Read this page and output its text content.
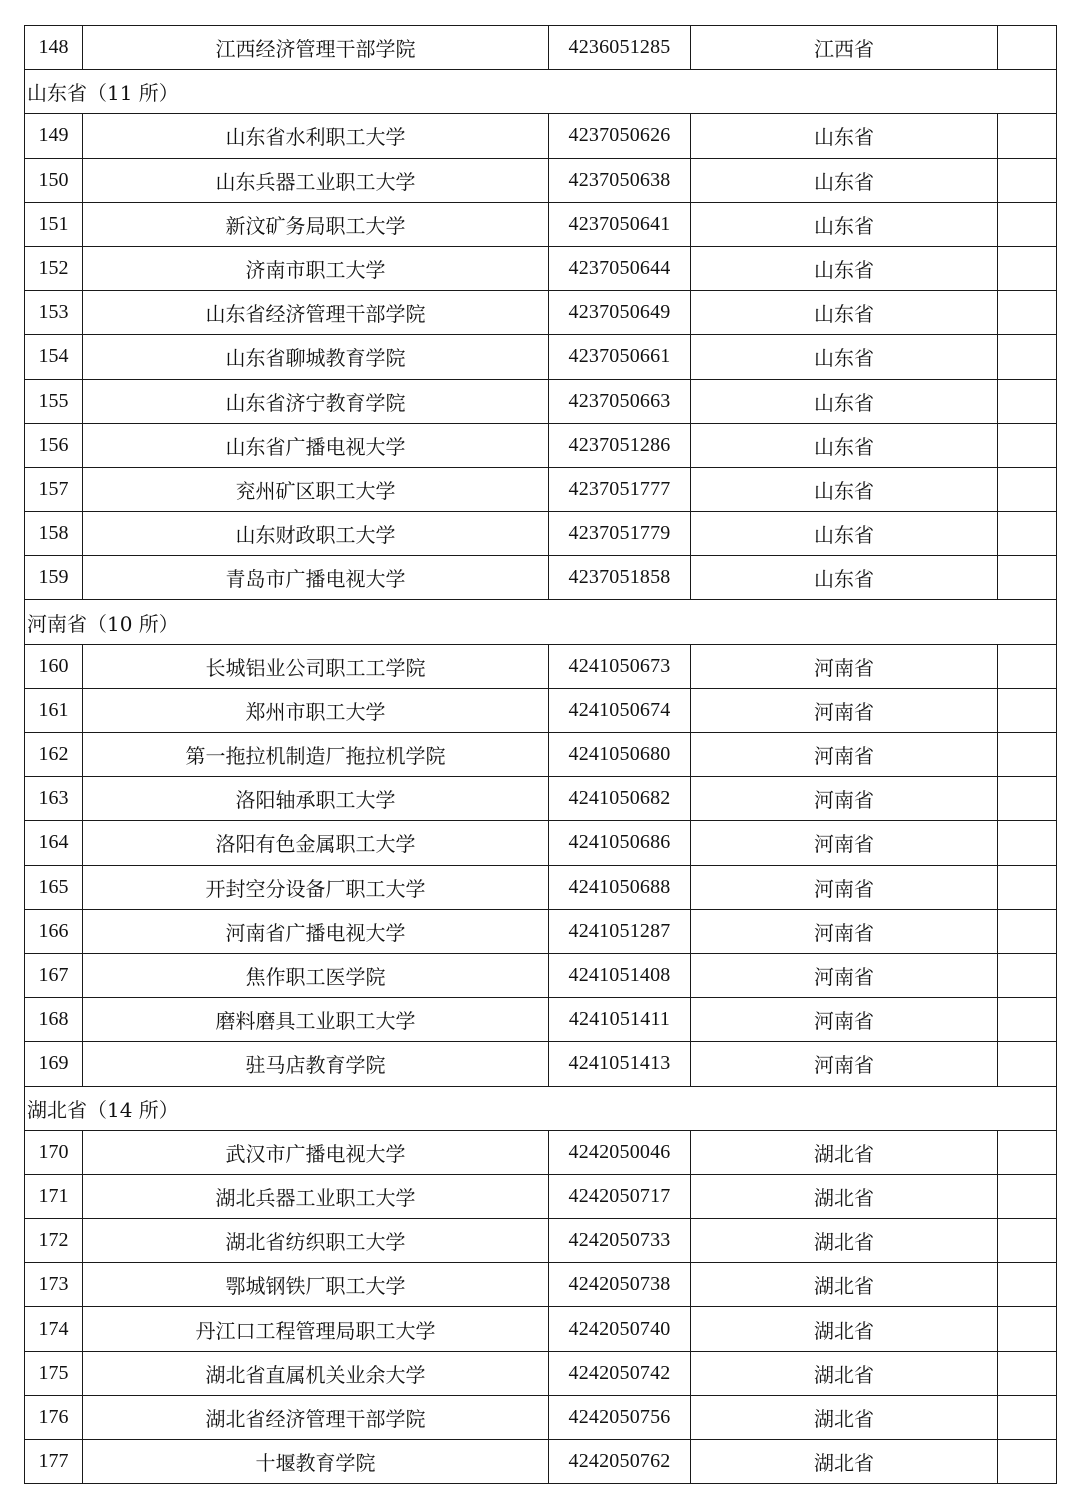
148	江西经济管理干部学院	4236051285	江西省	
山东省（11 所）				
149	山东省水利职工大学	4237050626	山东省	
150	山东兵器工业职工大学	4237050638	山东省	
151	新汶矿务局职工大学	4237050641	山东省	
152	济南市职工大学	4237050644	山东省	
153	山东省经济管理干部学院	4237050649	山东省	
154	山东省聊城教育学院	4237050661	山东省	
155	山东省济宁教育学院	4237050663	山东省	
156	山东省广播电视大学	4237051286	山东省	
157	兖州矿区职工大学	4237051777	山东省	
158	山东财政职工大学	4237051779	山东省	
159	青岛市广播电视大学	4237051858	山东省	
河南省（10 所）				
160	长城铝业公司职工工学院	4241050673	河南省	
161	郑州市职工大学	4241050674	河南省	
162	第一拖拉机制造厂拖拉机学院	4241050680	河南省	
163	洛阳轴承职工大学	4241050682	河南省	
164	洛阳有色金属职工大学	4241050686	河南省	
165	开封空分设备厂职工大学	4241050688	河南省	
166	河南省广播电视大学	4241051287	河南省	
167	焦作职工医学院	4241051408	河南省	
168	磨料磨具工业职工大学	4241051411	河南省	
169	驻马店教育学院	4241051413	河南省	
湖北省（14 所）				
170	武汉市广播电视大学	4242050046	湖北省	
171	湖北兵器工业职工大学	4242050717	湖北省	
172	湖北省纺织职工大学	4242050733	湖北省	
173	鄂城钢铁厂职工大学	4242050738	湖北省	
174	丹江口工程管理局职工大学	4242050740	湖北省	
175	湖北省直属机关业余大学	4242050742	湖北省	
176	湖北省经济管理干部学院	4242050756	湖北省	
177	十堰教育学院	4242050762	湖北省	
